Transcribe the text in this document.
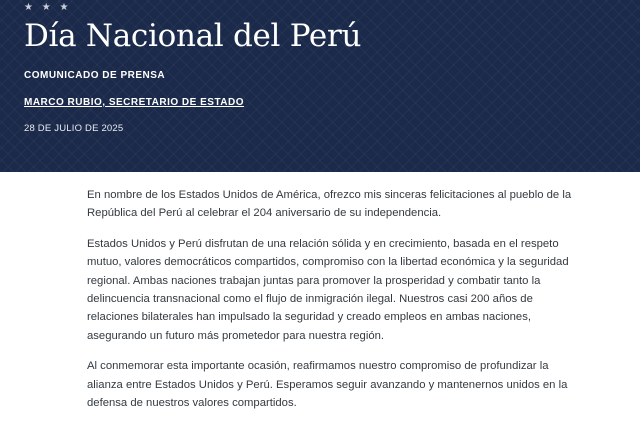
★ ★ ★
Día Nacional del Perú
COMUNICADO DE PRENSA
MARCO RUBIO, SECRETARIO DE ESTADO
28 DE JULIO DE 2025

En nombre de los Estados Unidos de América, ofrezco mis sinceras felicitaciones al pueblo de la República del Perú al celebrar el 204 aniversario de su independencia.

Estados Unidos y Perú disfrutan de una relación sólida y en crecimiento, basada en el respeto mutuo, valores democráticos compartidos, compromiso con la libertad económica y la seguridad regional. Ambas naciones trabajan juntas para promover la prosperidad y combatir tanto la delincuencia transnacional como el flujo de inmigración ilegal. Nuestros casi 200 años de relaciones bilaterales han impulsado la seguridad y creado empleos en ambas naciones, asegurando un futuro más prometedor para nuestra región.

Al conmemorar esta importante ocasión, reafirmamos nuestro compromiso de profundizar la alianza entre Estados Unidos y Perú. Esperamos seguir avanzando y mantenernos unidos en la defensa de nuestros valores compartidos.
